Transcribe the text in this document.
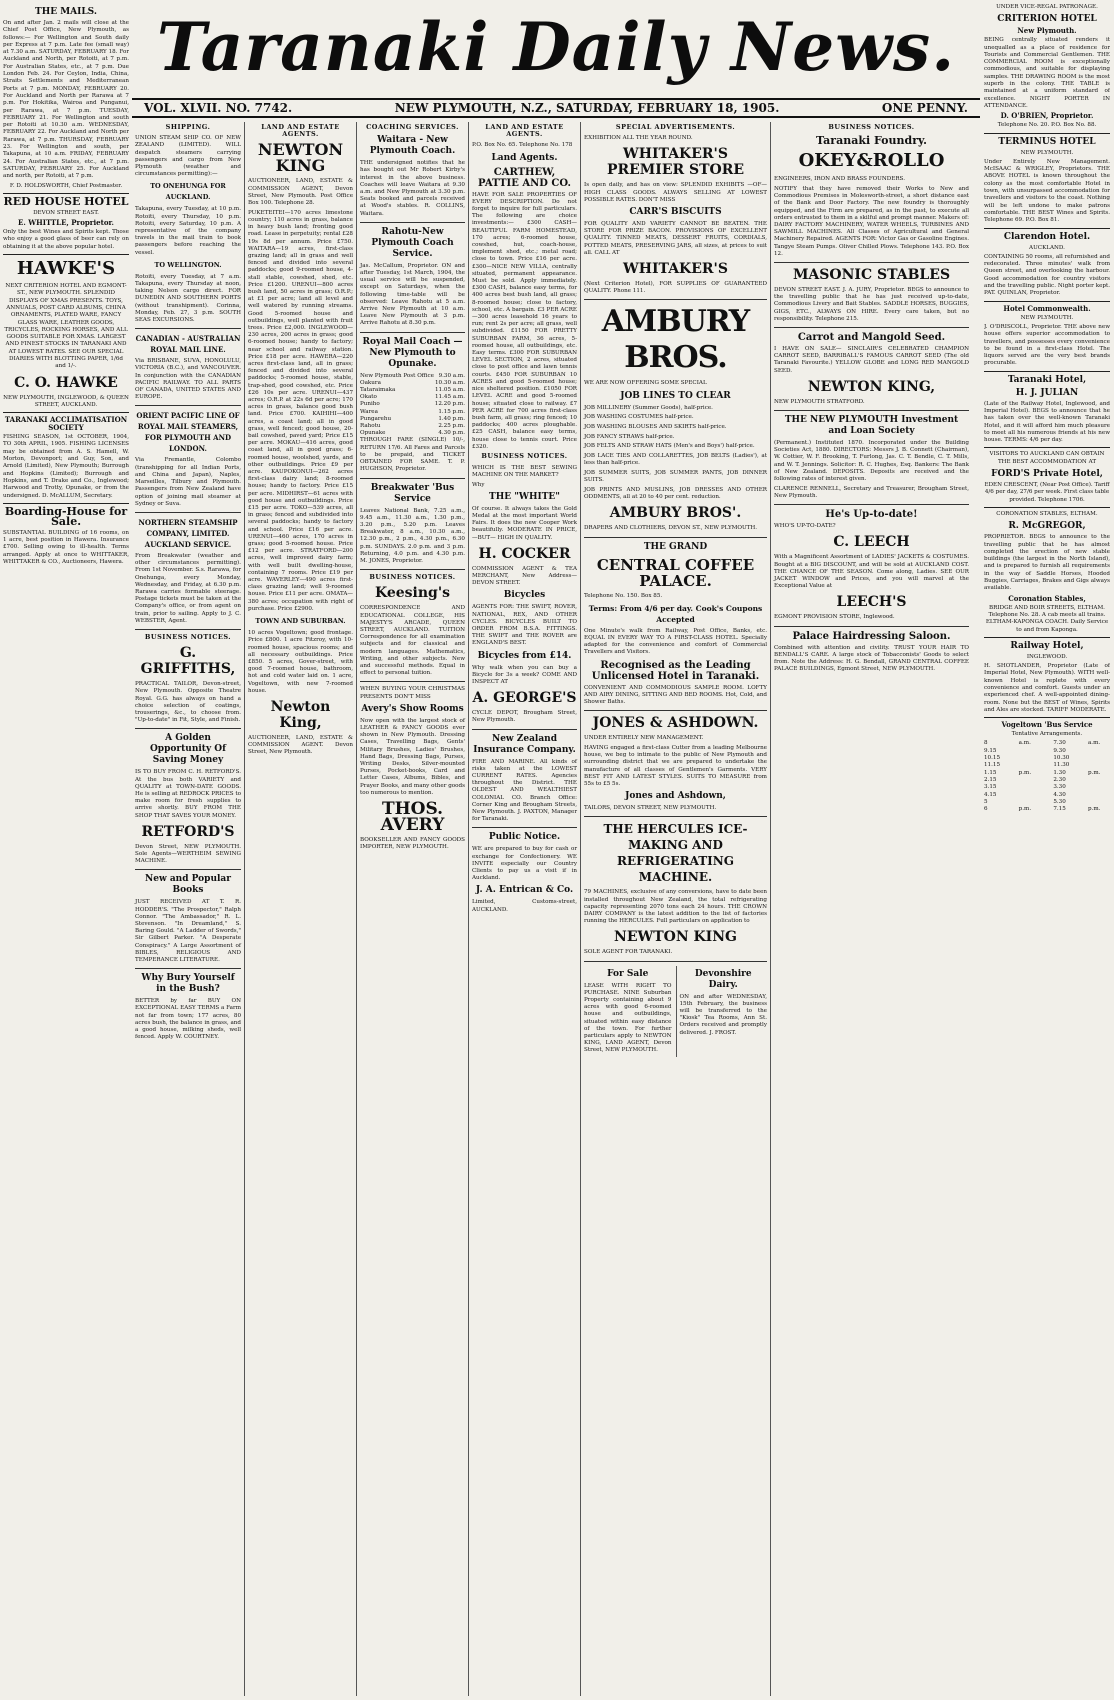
THE MAILS.

On and after Jan. 2 mails will close at the Chief Post Office, New Plymouth, as follows:— For Wellington and South daily per Express at 7 p.m. Late fee (small way) at 7.30 a.m. SATURDAY, FEBRUARY 18. For Auckland and North, per Rotoiti, at 7 p.m. For Australian States, etc., at 7 p.m. Due London Feb. 24. For Ceylon, India, China, Straits Settlements and Mediterranean Ports at 7 p.m. MONDAY, FEBRUARY 20. For Auckland and North per Rarawa at 7 p.m. For Hokitika, Wairoa and Punganui, per Rarawa, at 7 p.m. TUESDAY, FEBRUARY 21. For Wellington and south per Rotoiti at 10.30 a.m. WEDNESDAY, FEBRUARY 22. For Auckland and North per Rarawa, at 7 p.m. THURSDAY, FEBRUARY 23. For Wellington and south, per Takapuna, at 10 a.m. FRIDAY, FEBRUARY 24. For Australian States, etc., at 7 p.m. SATURDAY, FEBRUARY 25. For Auckland and north, per Rotoiti, at 7 p.m.

F. D. HOLDSWORTH, Chief Postmaster.

RED HOUSE HOTEL

DEVON STREET EAST.

E. WHITTLE, Proprietor.

Only the best Wines and Spirits kept. Those who enjoy a good glass of beer can rely on obtaining it at the above popular hotel.

HAWKE'S

NEXT CRITERION HOTEL AND EGMONT-ST., NEW PLYMOUTH. SPLENDID DISPLAYS OF XMAS PRESENTS. TOYS, ANNUALS, POST CARD ALBUMS, CHINA ORNAMENTS, PLATED WARE, FANCY GLASS WARE, LEATHER GOODS, TRICYCLES, ROCKING HORSES, AND ALL GOODS SUITABLE FOR XMAS. LARGEST AND FINEST STOCKS IN TARANAKI AND AT LOWEST RATES. SEE OUR SPECIAL DIARIES WITH BLOTTING PAPER, 1/6d and 1/-.

C. O. HAWKE

NEW PLYMOUTH, INGLEWOOD, & QUEEN STREET, AUCKLAND.

TARANAKI ACCLIMATISATION SOCIETY

FISHING SEASON, 1st OCTOBER, 1904, TO 30th APRIL, 1905. FISHING LICENSES may be obtained from A. S. Hamell, W. Morton, Devonport; and Guy, Son, and Arnold (Limited), New Plymouth; Burrough and Hopkins (Limited); Burrough and Hopkins, and T. Drake and Co., Inglewood; Harwood and Trotty, Opunake, or from the undersigned. D. McALLUM, Secretary.

Boarding-House for Sale.

SUBSTANTIAL BUILDING of 16 rooms, on 1 acre, best position in Hawera. Insurance £700. Selling owing to ill-health. Terms arranged. Apply at once to WHITTAKER, WHITTAKER & CO., Auctioneers, Hawera.

Taranaki Daily News.
VOL. XLVII. NO. 7742.	NEW PLYMOUTH, N.Z., SATURDAY, FEBRUARY 18, 1905.	ONE PENNY.
SHIPPING.

UNION STEAM SHIP CO. OF NEW ZEALAND (LIMITED). WILL despatch steamers carrying passengers and cargo from New Plymouth (weather and circumstances permitting):—

TO ONEHUNGA FOR AUCKLAND.

Takapuna, every Tuesday, at 10 p.m. Rotoiti, every Thursday, 10 p.m. Rotoiti, every Saturday, 10 p.m. A representative of the company travels in the mail train to book passengers before reaching the vessel.

TO WELLINGTON.

Rotoiti, every Tuesday, at 7 a.m. Takapuna, every Thursday at noon, taking Nelson cargo direct. FOR DUNEDIN AND SOUTHERN PORTS (without transhipment). Corinna, Monday, Feb. 27, 3 p.m. SOUTH SEAS EXCURSIONS.

CANADIAN - AUSTRALIAN ROYAL MAIL LINE.

Via BRISBANE, SUVA, HONOLULU, VICTORIA (B.C.), and VANCOUVER. In conjunction with the CANADIAN PACIFIC RAILWAY. TO ALL PARTS OF CANADA, UNITED STATES AND EUROPE.

ORIENT PACIFIC LINE OF ROYAL MAIL STEAMERS, FOR PLYMOUTH AND LONDON.

Via Fremantle, Colombo (transhipping for all Indian Ports, and China and Japan), Naples, Marseilles, Tilbury and Plymouth. Passengers from New Zealand have option of joining mail steamer at Sydney or Suva.

NORTHERN STEAMSHIP COMPANY, LIMITED. AUCKLAND SERVICE.

From Breakwater (weather and other circumstances permitting). From 1st November. S.s. Rarawa, for Onehunga, every Monday, Wednesday, and Friday, at 6.30 p.m. Rarawa carries formable steerage. Postage tickets must be taken at the Company's office, or from agent on train, prior to sailing. Apply to J. C. WEBSTER, Agent.

BUSINESS NOTICES.
G. GRIFFITHS,

PRACTICAL TAILOR, Devon-street, New Plymouth. Opposite Theatre Royal. G.G. has always on hand a choice selection of coatings, trouserings, &c., to choose from. "Up-to-date" in Fit, Style, and Finish.

A Golden Opportunity Of Saving Money

IS TO BUY FROM C. H. RETFORD'S. At the bus both VARIETY and QUALITY at TOWN-DATE GOODS. He is selling at REDROCK PRICES to make room for fresh supplies to arrive shortly. BUY FROM THE SHOP THAT SAVES YOUR MONEY.

RETFORD'S

Devon Street, NEW PLYMOUTH. Sole Agents—WERTHEIM SEWING MACHINE.

New and Popular Books

JUST RECEIVED AT T. R. HODDER'S. "The Prospector," Ralph Connor. "The Ambassador," R. L. Stevenson. "In Dreamland," S. Baring Gould. "A Ladder of Swords," Sir Gilbert Parker. "A Desperate Conspiracy." A Large Assortment of BIBLES, RELIGIOUS AND TEMPERANCE LITERATURE.

Why Bury Yourself in the Bush?

BETTER by far BUY ON EXCEPTIONAL EASY TERMS a Farm not far from town; 177 acres, 80 acres bush, the balance in grass, and a good house, milking sheds, well fenced. Apply W. COURTNEY.

LAND AND ESTATE AGENTS.
NEWTON KING

AUCTIONEER, LAND, ESTATE & COMMISSION AGENT, Devon Street, New Plymouth. Post Office Box 100. Telephone 28.

PUKETEITEI—170 acres limestone country; 110 acres in grass, balance in heavy bush land; fronting good road. Lease in perpetuity; rental £28 19s 8d per annum. Price £750. WAITARA—19 acres, first-class grazing land; all in grass and well fenced and divided into several paddocks; good 9-roomed house, 4-stall stable, cowshed, shed, etc. Price £1200. URENUI—800 acres bush land, 50 acres in grass; O.R.P.; at £1 per acre; land all level and well watered by running streams. Good 5-roomed house and outbuildings, well planted with fruit trees. Price £2,000. INGLEWOOD—230 acres, 200 acres in grass; good 6-roomed house; handy to factory; near school and railway station. Price £18 per acre. HAWERA—220 acres first-class land, all in grass; fenced and divided into several paddocks; 5-roomed house, stable, trap-shed, good cowshed, etc. Price £26 10s per acre. URENUI—437 acres; O.R.P. at 22s 6d per acre; 170 acres in grass, balance good bush land. Price £700. KAIHIHI—400 acres, a coast land; all in good grass, well fenced; good house, 20-bail cowshed, paved yard; Price £15 per acre. MOKAU—416 acres, good coast land, all in good grass; 6-roomed house, woolshed, yards, and other outbuildings. Price £9 per acre. KAUPOKONUI—262 acres first-class dairy land; 8-roomed house; handy to factory. Price £15 per acre. MIDHIRST—61 acres with good house and outbuildings. Price £15 per acre. TOKO—539 acres, all in grass; fenced and subdivided into several paddocks; handy to factory and school. Price £16 per acre. URENUI—460 acres, 170 acres in grass; good 5-roomed house. Price £12 per acre. STRATFORD—200 acres, well improved dairy farm; with well built dwelling-house, containing 7 rooms. Price £19 per acre. WAVERLEY—490 acres first-class grazing land; well 9-roomed house. Price £11 per acre. OMATA—380 acres; occupation with right of purchase. Price £2900.

TOWN AND SUBURBAN.

10 acres Vogeltown; good frontage. Price £800. 1 acre Fitzroy, with 10-roomed house, spacious rooms; and all necessary outbuildings. Price £850. 5 acres, Gover-street, with good 7-roomed house, bathroom, hot and cold water laid on. 1 acre, Vogeltown, with new 7-roomed house.

Newton King,

AUCTIONEER, LAND, ESTATE & COMMISSION AGENT. Devon Street, New Plymouth.

COACHING SERVICES.
Waitara - New Plymouth Coach.

THE undersigned notifies that he has bought out Mr Robert Kirby's interest in the above business. Coaches will leave Waitara at 9.30 a.m. and New Plymouth at 3.30 p.m. Seats booked and parcels received at Wood's stables. R. COLLINS, Waitara.

Rahotu-New Plymouth Coach Service.

Jas. McCallum, Proprietor. ON and after Tuesday, 1st March, 1904, the usual service will be suspended, except on Saturdays, when the following time-table will be observed: Leave Rahotu at 5 a.m. Arrive New Plymouth at 10 a.m. Leave New Plymouth at 3 p.m. Arrive Rahotu at 8.30 p.m.

Royal Mail Coach — New Plymouth to Opunake.
New Plymouth Post Office 9.30 a.m.
Oakura	10.30 a.m.
Tataraimaka	11.05 a.m.
Okato	11.45 a.m.
Puniho	12.20 p.m.
Warea	1.15 p.m.
Pungarehu	1.40 p.m.
Rahotu	2.25 p.m.
Opunake	4.30 p.m.

THROUGH FARE (SINGLE) 10/-, RETURN 17/6. All Fares and Parcels to be prepaid, and TICKET OBTAINED FOR SAME. T. P. HUGHSON, Proprietor.

Breakwater 'Bus Service

Leaves National Bank, 7.25 a.m., 9.45 a.m., 11.30 a.m., 1.30 p.m., 3.20 p.m., 5.20 p.m. Leaves Breakwater, 8 a.m., 10.30 a.m., 12.30 p.m., 2 p.m., 4.30 p.m., 6.30 p.m. SUNDAYS. 2.0 p.m. and 3 p.m. Returning, 4.0 p.m. and 4.30 p.m. M. JONES, Proprietor.

BUSINESS NOTICES.
Keesing's

CORRESPONDENCE AND EDUCATIONAL COLLEGE, HIS MAJESTY'S ARCADE, QUEEN STREET, AUCKLAND. TUITION Correspondence for all examination subjects and for classical and modern languages. Mathematics, Writing, and other subjects. New and successful methods. Equal in effect to personal tuition.

WHEN BUYING YOUR CHRISTMAS PRESENTS DON'T MISS

Avery's Show Rooms

Now open with the largest stock of LEATHER & FANCY GOODS ever shown in New Plymouth. Dressing Cases, Travelling Bags, Gents' Military Brushes, Ladies' Brushes, Hand Bags, Dressing Bags, Purses, Writing Desks, Silver-mounted Purses, Pocket-books, Card and Letter Cases, Albums, Bibles, and Prayer Books, and many other goods too numerous to mention.

THOS. AVERY

BOOKSELLER AND FANCY GOODS IMPORTER, NEW PLYMOUTH.

LAND AND ESTATE AGENTS.

P.O. Box No. 65. Telephone No. 178

Land Agents.
CARTHEW, PATTIE AND CO.

HAVE FOR SALE PROPERTIES OF EVERY DESCRIPTION. Do not forget to inquire for full particulars. The following are choice investments:— £300 CASH—BEAUTIFUL FARM HOMESTEAD, 170 acres; 6-roomed house, cowshed, hut, coach-house, implement shed, etc.; metal road; close to town. Price £16 per acre. £300—NICE NEW VILLA, centrally situated, permanent appearance. Must be sold. Apply immediately. £300 CASH, balance easy terms, for 400 acres best bush land, all grass; 8-roomed house; close to factory, school, etc. A bargain. £3 PER ACRE—300 acres leasehold 16 years to run; rent 2s per acre; all grass, well subdivided. £1150 FOR PRETTY SUBURBAN FARM, 36 acres, 5-roomed house, all outbuildings, etc. Easy terms. £300 FOR SUBURBAN LEVEL SECTION, 2 acres, situated close to post office and lawn tennis courts. £450 FOR SUBURBAN 10 ACRES and good 5-roomed house; nice sheltered position. £1050 FOR LEVEL ACRE and good 5-roomed house; situated close to railway. £7 PER ACRE for 700 acres first-class bush farm, all grass; ring fenced; 10 paddocks; 400 acres ploughable. £25 CASH, balance easy terms, house close to tennis court. Price £320.

BUSINESS NOTICES.

WHICH IS THE BEST SEWING MACHINE ON THE MARKET?

Why

THE "WHITE"

Of course. It always takes the Gold Medal at the most important World Fairs. It does the new Cooper Work beautifully. MODERATE IN PRICE, —BUT— HIGH IN QUALITY.

H. COCKER

COMMISSION AGENT & TEA MERCHANT, New Address— DEVON STREET.

Bicycles

AGENTS FOR: THE SWIFT, ROVER, NATIONAL, REX, AND OTHER CYCLES. BICYCLES BUILT TO ORDER FROM B.S.A. FITTINGS. THE SWIFT and THE ROVER are ENGLAND'S BEST.

Bicycles from £14.

Why walk when you can buy a Bicycle for 3s a week? COME AND INSPECT AT

A. GEORGE'S

CYCLE DEPOT, Brougham Street, New Plymouth.

New Zealand Insurance Company.

FIRE AND MARINE. All kinds of risks taken at the LOWEST CURRENT RATES. Agencies throughout the District. THE OLDEST AND WEALTHIEST COLONIAL CO. Branch Office: Corner King and Brougham Streets, New Plymouth. J. PAXTON, Manager for Taranaki.

Public Notice.

WE are prepared to buy for cash or exchange for Confectionery. WE INVITE especially our Country Clients to pay us a visit if in Auckland.

J. A. Entrican & Co.

Limited, Customs-street, AUCKLAND.

SPECIAL ADVERTISEMENTS.

EXHIBITION ALL THE YEAR ROUND.

WHITAKER'S PREMIER STORE

Is open daily, and has on view: SPLENDID EXHIBITS —OF— HIGH CLASS GOODS. ALWAYS SELLING AT LOWEST POSSIBLE RATES. DON'T MISS

CARR'S BISCUITS

FOR QUALITY AND VARIETY CANNOT BE BEATEN. THE STORE FOR PRIZE BACON. PROVISIONS OF EXCELLENT QUALITY. TINNED MEATS, DESSERT FRUITS, CORDIALS, POTTED MEATS, PRESERVING JARS, all sizes, at prices to suit all. CALL AT

WHITAKER'S

(Next Criterion Hotel), FOR SUPPLIES OF GUARANTEED QUALITY. Phone 111.

AMBURY BROS.

WE ARE NOW OFFERING SOME SPECIAL

JOB LINES TO CLEAR

JOB MILLINERY (Summer Goods), half-price.

JOB WASHING COSTUMES half-price.

JOB WASHING BLOUSES AND SKIRTS half-price.

JOB FANCY STRAWS half-price.

JOB FELTS AND STRAW HATS (Men's and Boys') half-price.

JOB LACE TIES AND COLLARETTES, JOB BELTS (Ladies'), at less than half-price.

JOB SUMMER SUITS, JOB SUMMER PANTS, JOB DINNER SUITS.

JOB PRINTS AND MUSLINS, JOB DRESSES AND OTHER ODDMENTS, all at 20 to 40 per cent. reduction.

AMBURY BROS'.

DRAPERS AND CLOTHIERS, DEVON ST., NEW PLYMOUTH.

THE GRAND
CENTRAL COFFEE PALACE.

Telephone No. 150. Box 85.

Terms: From 4/6 per day. Cook's Coupons Accepted

One Minute's walk from Railway, Post Office, Banks, etc. EQUAL IN EVERY WAY TO A FIRST-CLASS HOTEL. Specially adapted for the convenience and comfort of Commercial Travellers and Visitors.

Recognised as the Leading Unlicensed Hotel in Taranaki.

CONVENIENT AND COMMODIOUS SAMPLE ROOM. LOFTY AND AIRY DINING, SITTING AND BED ROOMS. Hot, Cold, and Shower Baths.

JONES & ASHDOWN.

UNDER ENTIRELY NEW MANAGEMENT.

HAVING engaged a first-class Cutter from a leading Melbourne house, we beg to intimate to the public of New Plymouth and surrounding district that we are prepared to undertake the manufacture of all classes of Gentlemen's Garments. VERY BEST FIT AND LATEST STYLES. SUITS TO MEASURE from 55s to £5 5s.

Jones and Ashdown,

TAILORS, DEVON STREET, NEW PLYMOUTH.

THE HERCULES ICE-MAKING AND REFRIGERATING MACHINE.

79 MACHINES, exclusive of any conversions, have to date been installed throughout New Zealand, the total refrigerating capacity representing 2070 tons each 24 hours. THE CROWN DAIRY COMPANY is the latest addition to the list of factories running the HERCULES. Full particulars on application to

NEWTON KING

SOLE AGENT FOR TARANAKI.

For Sale

LEASE WITH RIGHT TO PURCHASE. NINE Suburban Property containing about 9 acres with good 6-roomed house and outbuildings, situated within easy distance of the town. For further particulars apply to NEWTON KING, LAND AGENT, Devon Street, NEW PLYMOUTH.

Devonshire Dairy.

ON and after WEDNESDAY, 15th February, the business will be transferred to the "Kiosk" Tea Rooms, Ann St. Orders received and promptly delivered. J. FROST.

BUSINESS NOTICES.
Taranaki Foundry.
OKEY&ROLLO

ENGINEERS, IRON AND BRASS FOUNDERS.

NOTIFY that they have removed their Works to New and Commodious Premises in Molesworth-street, a short distance east of the Bank and Door Factory. The new foundry is thoroughly equipped, and the Firm are prepared, as in the past, to execute all orders entrusted to them in a skilful and prompt manner. Makers of: DAIRY FACTORY MACHINERY, WATER WHEELS, TURBINES AND SAWMILL MACHINES. All Classes of Agricultural and General Machinery Repaired. AGENTS FOR: Victor Gas or Gasoline Engines. Tangye Steam Pumps. Oliver Chilled Plows. Telephone 143. P.O. Box 12.

MASONIC STABLES

DEVON STREET EAST. J. A. JURY, Proprietor. BEGS to announce to the travelling public that he has just received up-to-date, Commodious Livery and Bait Stables. SADDLE HORSES, BUGGIES, GIGS, ETC., ALWAYS ON HIRE. Every care taken, but no responsibility. Telephone 215.

Carrot and Mangold Seed.

I HAVE ON SALE— SINCLAIR'S CELEBRATED CHAMPION CARROT SEED, BARRIBALL'S FAMOUS CARROT SEED (The old Taranaki Favourite.) YELLOW GLOBE and LONG RED MANGOLD SEED.

NEWTON KING,

NEW PLYMOUTH STRATFORD.

THE NEW PLYMOUTH Investment and Loan Society

(Permanent.) Instituted 1870. Incorporated under the Building Societies Act, 1880. DIRECTORS: Messrs J. B. Connett (Chairman), W. Cottier, W. F. Brooking, T. Furlong, Jas. C. T. Bendle, C. T. Mills, and W. T. Jennings. Solicitor: R. C. Hughes, Esq. Bankers: The Bank of New Zealand. DEPOSITS. Deposits are received and the following rates of interest given.

CLARENCE RENNELL, Secretary and Treasurer, Brougham Street, New Plymouth.

He's Up-to-date!

WHO'S UP-TO-DATE?

C. LEECH

With a Magnificent Assortment of LADIES' JACKETS & COSTUMES. Bought at a BIG DISCOUNT, and will be sold at AUCKLAND COST. THE CHANCE OF THE SEASON. Come along, Ladies. SEE OUR JACKET WINDOW and Prices, and you will marvel at the Exceptional Value at

LEECH'S

EGMONT PROVISION STORE, Inglewood.

Palace Hairdressing Saloon.

Combined with attention and civility. TRUST YOUR HAIR TO BENDALL'S CARE. A large stock of Tobacconists' Goods to select from. Note the Address: H. G. Bendall, GRAND CENTRAL COFFEE PALACE BUILDINGS, Egmont Street, NEW PLYMOUTH.

UNDER VICE-REGAL PATRONAGE.

CRITERION HOTEL
New Plymouth.

BEING centrally situated renders it unequalled as a place of residence for Tourists and Commercial Gentlemen. THE COMMERCIAL ROOM is exceptionally commodious, and suitable for displaying samples. THE DRAWING ROOM is the most superb in the colony. THE TABLE is maintained at a uniform standard of excellence. NIGHT PORTER IN ATTENDANCE.

D. O'BRIEN, Proprietor.

Telephone No. 20. P.O. Box No. 88.

TERMINUS HOTEL

NEW PLYMOUTH.

Under Entirely New Management. McISAAC & WRIGLEY, Proprietors. THE ABOVE HOTEL is known throughout the colony as the most comfortable Hotel in town, with unsurpassed accommodation for travellers and visitors to the coast. Nothing will be left undone to make patrons comfortable. THE BEST Wines and Spirits. Telephone 69. P.O. Box 81.

Clarendon Hotel.

AUCKLAND.

CONTAINING 50 rooms, all refurnished and redecorated. Three minutes' walk from Queen street, and overlooking the harbour. Good accommodation for country visitors and the travelling public. Night porter kept. PAT. QUINLAN, Proprietor.

Hotel Commonwealth.

NEW PLYMOUTH.

J. O'DRISCOLL, Proprietor. THE above new house offers superior accommodation to travellers, and possesses every convenience to be found in a first-class Hotel. The liquors served are the very best brands procurable.

Taranaki Hotel,
H. J. JULIAN

(Late of the Railway Hotel, Inglewood, and Imperial Hotel). BEGS to announce that he has taken over the well-known Taranaki Hotel, and it will afford him much pleasure to meet all his numerous friends at his new house. TERMS: 4/6 per day.

VISITORS TO AUCKLAND CAN OBTAIN THE BEST ACCOMMODATION AT

FORD'S Private Hotel,

EDEN CRESCENT, (Near Post Office). Tariff 4/6 per day, 27/6 per week. First class table provided. Telephone 1706.

CORONATION STABLES, ELTHAM.

R. McGREGOR,

PROPRIETOR. BEGS to announce to the travelling public that he has almost completed the erection of new stable buildings (the largest in the North Island), and is prepared to furnish all requirements in the way of Saddle Horses, Hooded Buggies, Carriages, Brakes and Gigs always available.

Coronation Stables,

BRIDGE AND BOIR STREETS, ELTHAM. Telephone No. 28. A cab meets all trains. ELTHAM-KAPONGA COACH. Daily Service to and from Kaponga.

Railway Hotel,

INGLEWOOD.

H. SHOTLANDER, Proprietor (Late of Imperial Hotel, New Plymouth). WITH well-known Hotel is replete with every convenience and comfort. Guests under an experienced chef. A well-appointed dining-room. None but the BEST of Wines, Spirits and Ales are stocked. TARIFF MODERATE.

Vogeltown 'Bus Service

Tentative Arrangements.

8	a.m.	7.30	a.m.
9.15	9.30
10.15	10.30
11.15	11.30
1.15	p.m.	1.30	p.m.
2.15	2.30
3.15	3.30
4.15	4.30
5	5.30
6	p.m.	7.15	p.m.
